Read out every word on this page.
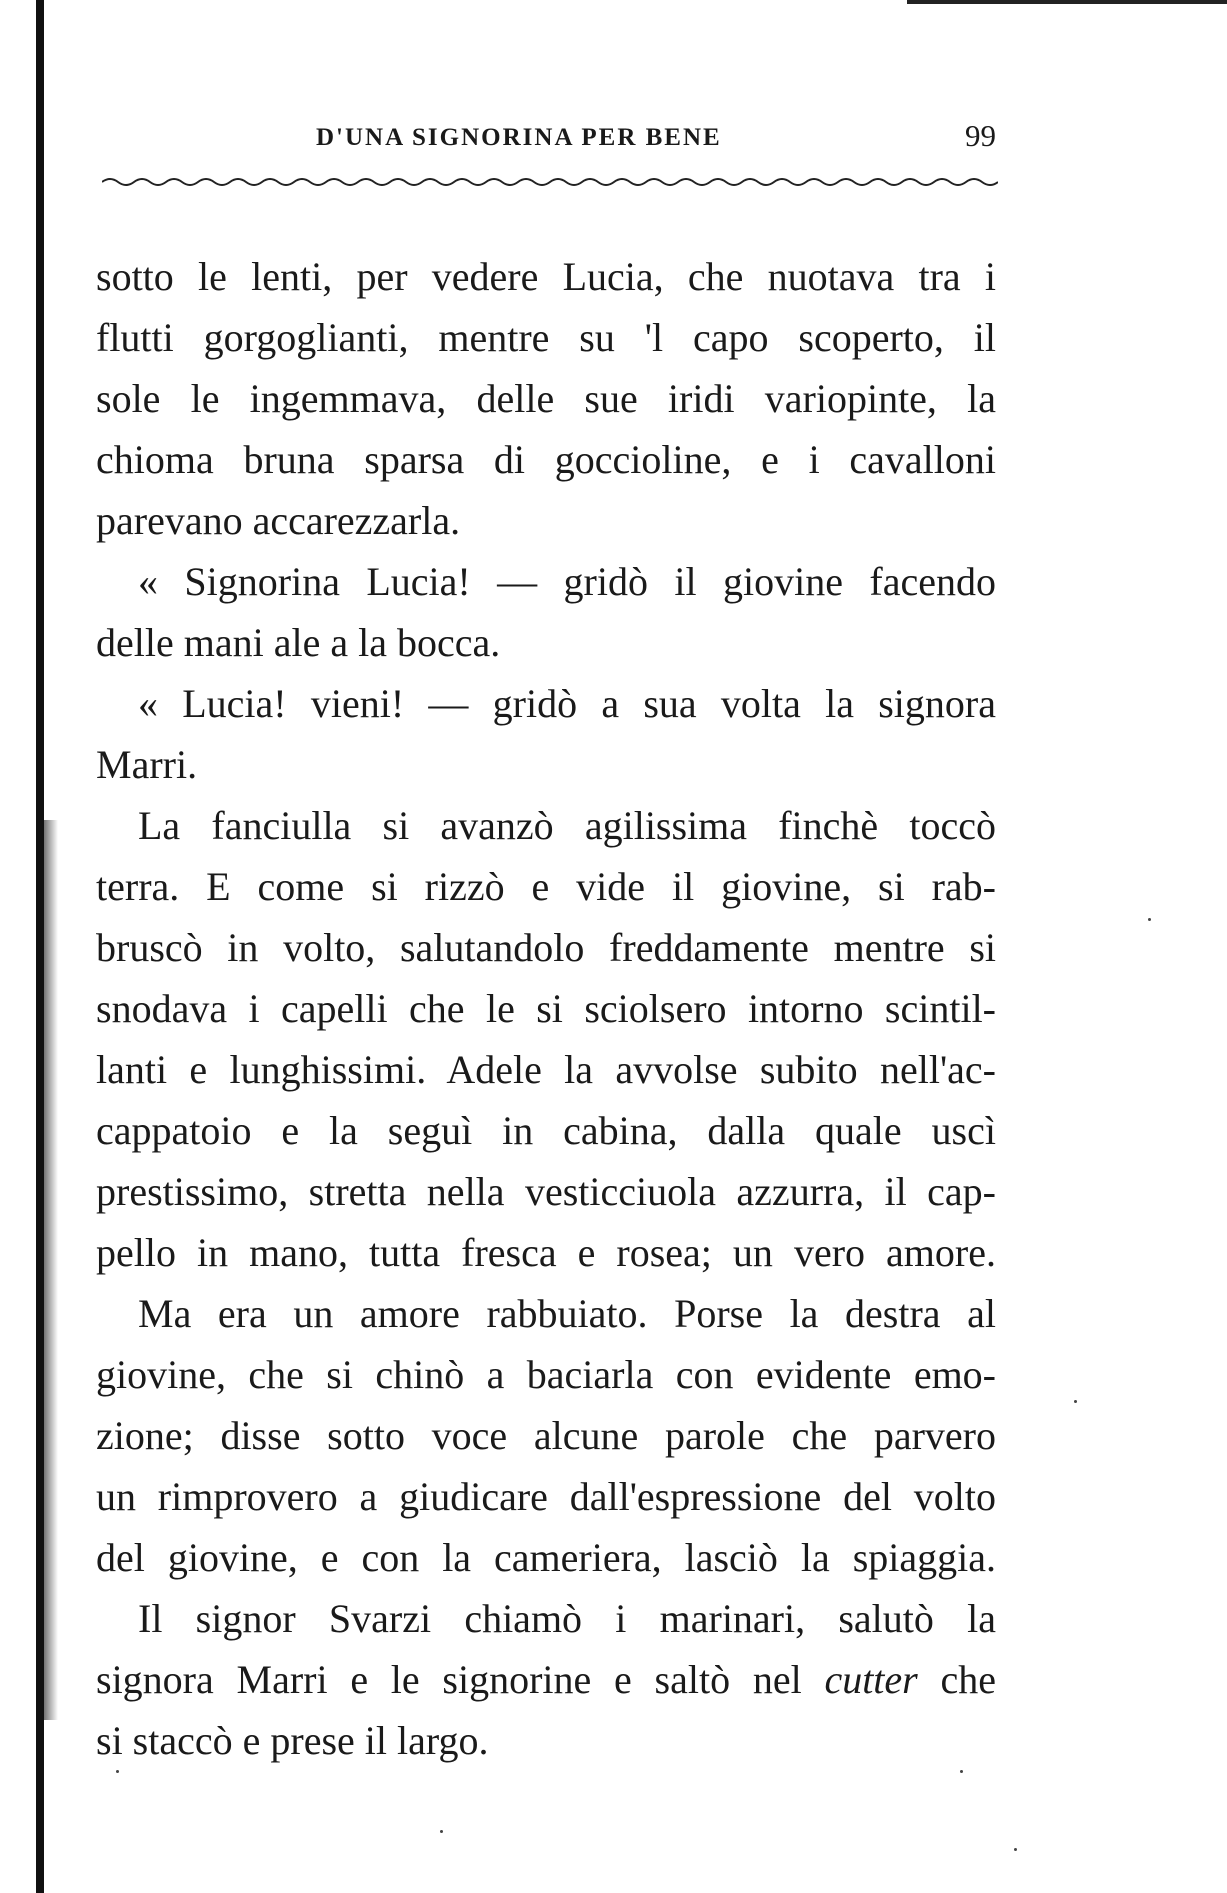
D'UNA SIGNORINA PER BENE	99
sotto le lenti, per vedere Lucia, che nuotava tra i
flutti gorgoglianti, mentre su 'l capo scoperto, il
sole le ingemmava, delle sue iridi variopinte, la
chioma bruna sparsa di goccioline, e i cavalloni
parevano accarezzarla.
« Signorina Lucia! — gridò il giovine facendo
delle mani ale a la bocca.
« Lucia! vieni! — gridò a sua volta la signora
Marri.
La fanciulla si avanzò agilissima finchè toccò
terra. E come si rizzò e vide il giovine, si rab-
bruscò in volto, salutandolo freddamente mentre si
snodava i capelli che le si sciolsero intorno scintil-
lanti e lunghissimi. Adele la avvolse subito nell'ac-
cappatoio e la seguì in cabina, dalla quale uscì
prestissimo, stretta nella vesticciuola azzurra, il cap-
pello in mano, tutta fresca e rosea; un vero amore.
Ma era un amore rabbuiato. Porse la destra al
giovine, che si chinò a baciarla con evidente emo-
zione; disse sotto voce alcune parole che parvero
un rimprovero a giudicare dall'espressione del volto
del giovine, e con la cameriera, lasciò la spiaggia.
Il signor Svarzi chiamò i marinari, salutò la
signora Marri e le signorine e saltò nel cutter che
si staccò e prese il largo.
